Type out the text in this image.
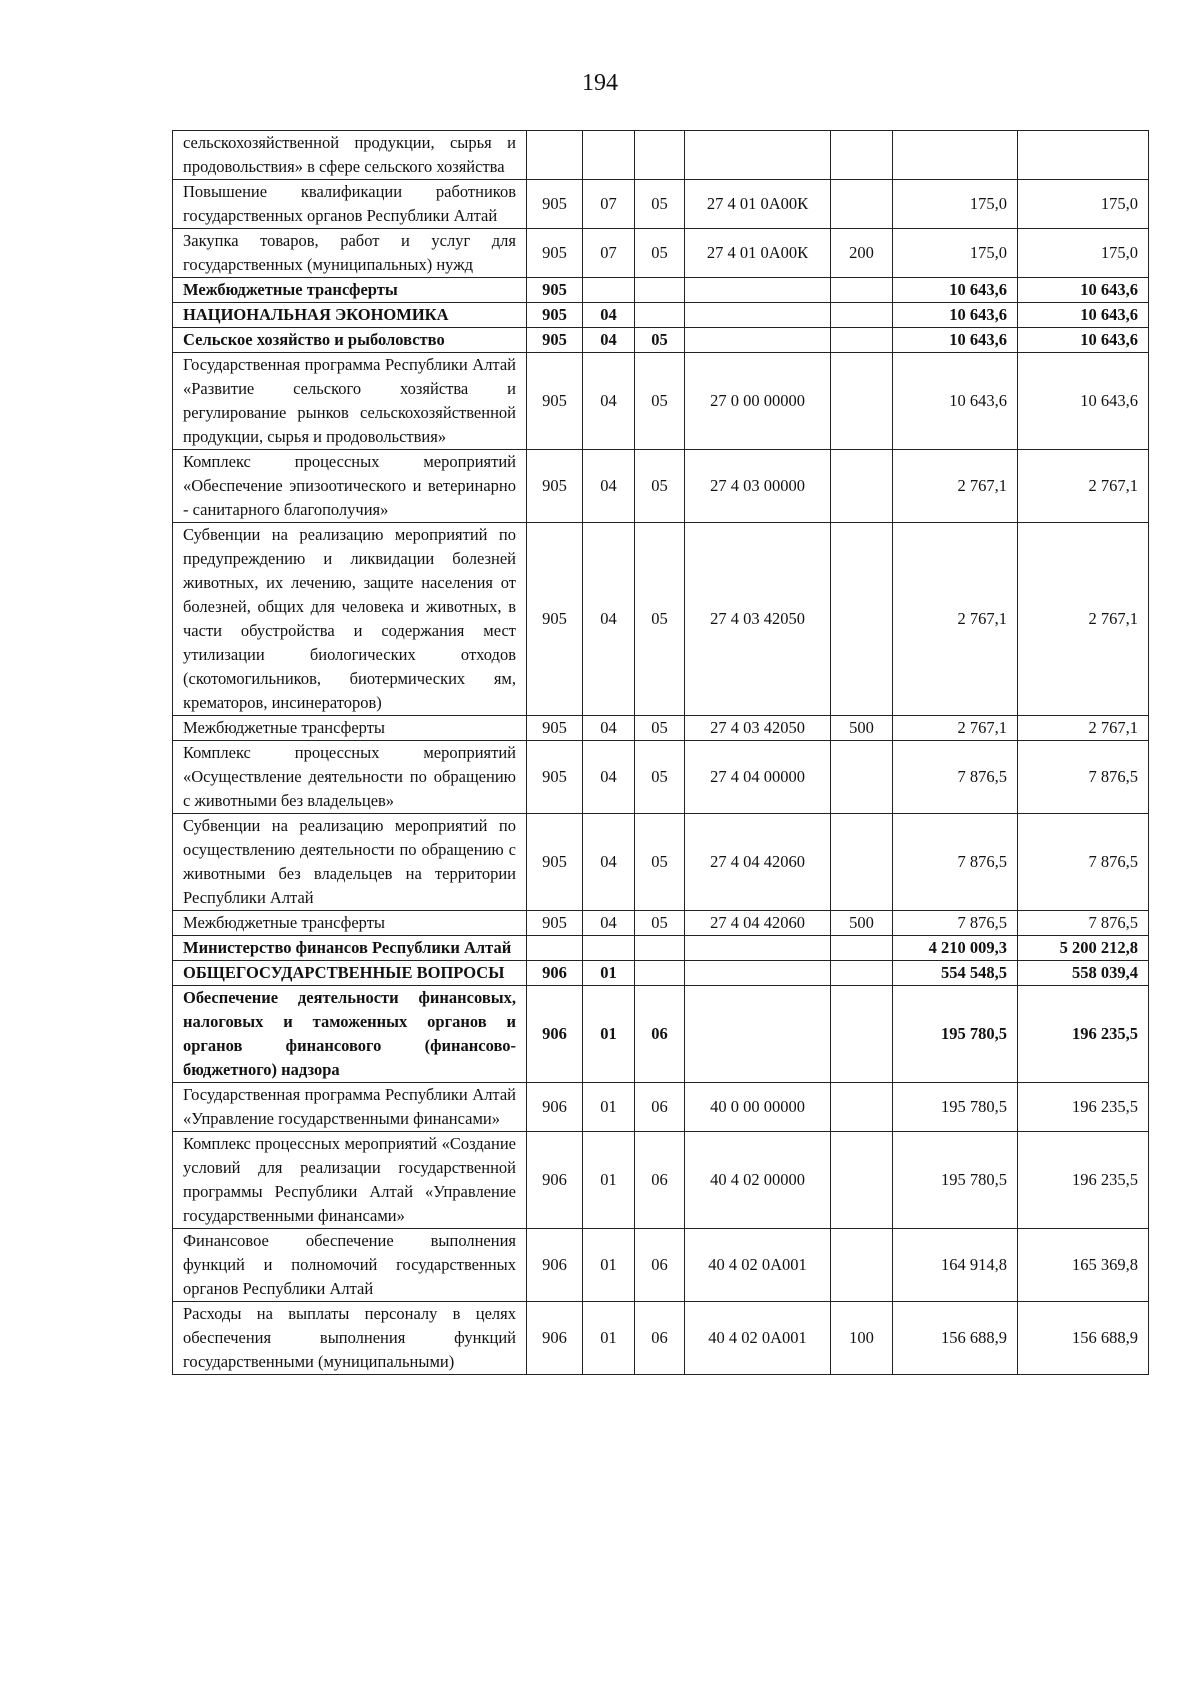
194
сельскохозяйственной продукции, сырья и продовольствия» в сфере сельского хозяйства							
Повышение квалификации работников государственных органов Республики Алтай	905	07	05	27 4 01 0А00К		175,0	175,0
Закупка товаров, работ и услуг для государственных (муниципальных) нужд	905	07	05	27 4 01 0А00К	200	175,0	175,0
Межбюджетные трансферты	905					10 643,6	10 643,6
НАЦИОНАЛЬНАЯ ЭКОНОМИКА	905	04				10 643,6	10 643,6
Сельское хозяйство и рыболовство	905	04	05			10 643,6	10 643,6
Государственная программа Республики Алтай «Развитие сельского хозяйства и регулирование рынков сельскохозяйственной продукции, сырья и продовольствия»	905	04	05	27 0 00 00000		10 643,6	10 643,6
Комплекс процессных мероприятий «Обеспечение эпизоотического и ветеринарно - санитарного благополучия»	905	04	05	27 4 03 00000		2 767,1	2 767,1
Субвенции на реализацию мероприятий по предупреждению и ликвидации болезней животных, их лечению, защите населения от болезней, общих для человека и животных, в части обустройства и содержания мест утилизации биологических отходов (скотомогильников, биотермических ям, крематоров, инсинераторов)	905	04	05	27 4 03 42050		2 767,1	2 767,1
Межбюджетные трансферты	905	04	05	27 4 03 42050	500	2 767,1	2 767,1
Комплекс процессных мероприятий «Осуществление деятельности по обращению с животными без владельцев»	905	04	05	27 4 04 00000		7 876,5	7 876,5
Субвенции на реализацию мероприятий по осуществлению деятельности по обращению с животными без владельцев на территории Республики Алтай	905	04	05	27 4 04 42060		7 876,5	7 876,5
Межбюджетные трансферты	905	04	05	27 4 04 42060	500	7 876,5	7 876,5
Министерство финансов Республики Алтай						4 210 009,3	5 200 212,8
ОБЩЕГОСУДАРСТВЕННЫЕ ВОПРОСЫ	906	01				554 548,5	558 039,4
Обеспечение деятельности финансовых, налоговых и таможенных органов и органов финансового (финансово-бюджетного) надзора	906	01	06			195 780,5	196 235,5
Государственная программа Республики Алтай «Управление государственными финансами»	906	01	06	40 0 00 00000		195 780,5	196 235,5
Комплекс процессных мероприятий «Создание условий для реализации государственной программы Республики Алтай «Управление государственными финансами»	906	01	06	40 4 02 00000		195 780,5	196 235,5
Финансовое обеспечение выполнения функций и полномочий государственных органов Республики Алтай	906	01	06	40 4 02 0А001		164 914,8	165 369,8
Расходы на выплаты персоналу в целях обеспечения выполнения функций государственными (муниципальными)	906	01	06	40 4 02 0А001	100	156 688,9	156 688,9
